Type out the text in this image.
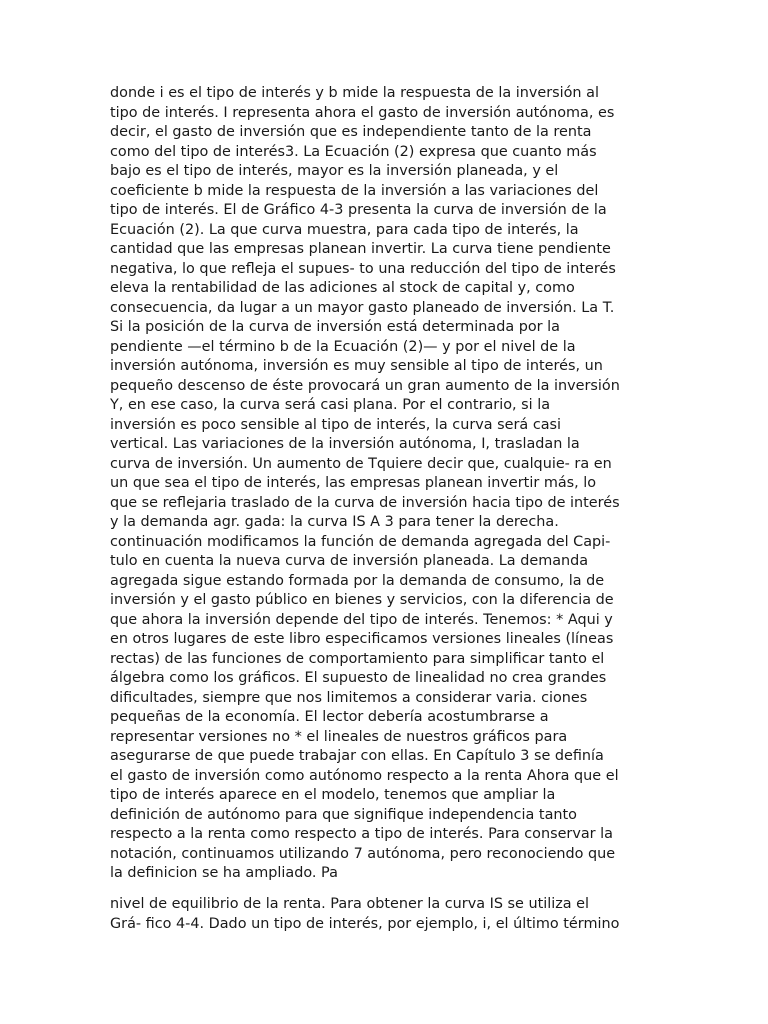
donde i es el tipo de interés y b mide la respuesta de la inversión al

tipo de interés. I representa ahora el gasto de inversión autónoma, es

decir, el gasto de inversión que es independiente tanto de la renta

como del tipo de interés3. La Ecuación (2) expresa que cuanto más

bajo es el tipo de interés, mayor es la inversión planeada, y el

coeficiente b mide la respuesta de la inversión a las variaciones del

tipo de interés. El de Gráfico 4-3 presenta la curva de inversión de la

Ecuación (2). La que curva muestra, para cada tipo de interés, la

cantidad que las empresas planean invertir. La curva tiene pendiente

negativa, lo que refleja el supues- to una reducción del tipo de interés

eleva la rentabilidad de las adiciones al stock de capital y, como

consecuencia, da lugar a un mayor gasto planeado de inversión. La T.

Si la posición de la curva de inversión está determinada por la

pendiente —el término b de la Ecuación (2)— y por el nivel de la

inversión autónoma, inversión es muy sensible al tipo de interés, un

pequeño descenso de éste provocará un gran aumento de la inversión

Y, en ese caso, la curva será casi plana. Por el contrario, si la

inversión es poco sensible al tipo de interés, la curva será casi

vertical. Las variaciones de la inversión autónoma, I, trasladan la

curva de inversión. Un aumento de Tquiere decir que, cualquie- ra en

un que sea el tipo de interés, las empresas planean invertir más, lo

que se reflejaria traslado de la curva de inversión hacia tipo de interés

y la demanda agr. gada: la curva IS A 3 para tener la derecha.

continuación modificamos la función de demanda agregada del Capi-

tulo en cuenta la nueva curva de inversión planeada. La demanda

agregada sigue estando formada por la demanda de consumo, la de

inversión y el gasto público en bienes y servicios, con la diferencia de

que ahora la inversión depende del tipo de interés. Tenemos: * Aqui y

en otros lugares de este libro especificamos versiones lineales (líneas

rectas) de las funciones de comportamiento para simplificar tanto el

álgebra como los gráficos. El supuesto de linealidad no crea grandes

dificultades, siempre que nos limitemos a considerar varia. ciones

pequeñas de la economía. El lector debería acostumbrarse a

representar versiones no * el lineales de nuestros gráficos para

asegurarse de que puede trabajar con ellas. En Capítulo 3 se definía

el gasto de inversión como autónomo respecto a la renta Ahora que el

tipo de interés aparece en el modelo, tenemos que ampliar la

definición de autónomo para que signifique independencia tanto

respecto a la renta como respecto a tipo de interés. Para conservar la

notación, continuamos utilizando 7 autónoma, pero reconociendo que

la definicion se ha ampliado. Pa

nivel de equilibrio de la renta. Para obtener la curva IS se utiliza el

Grá- fico 4-4. Dado un tipo de interés, por ejemplo, i, el último término
